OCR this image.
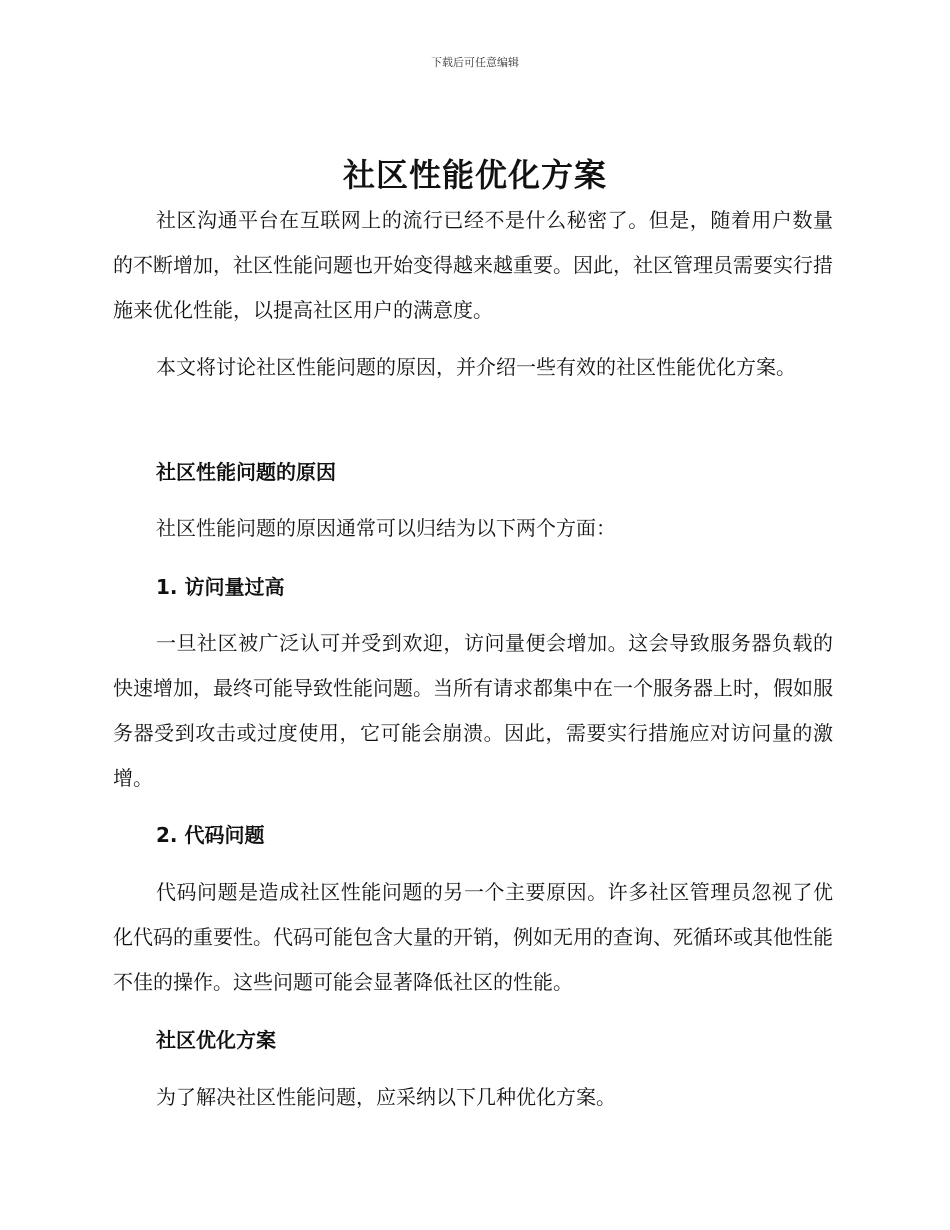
下载后可任意编辑
社区性能优化方案

社区沟通平台在互联网上的流行已经不是什么秘密了。但是，随着用户数量的不断增加，社区性能问题也开始变得越来越重要。因此，社区管理员需要实行措施来优化性能，以提高社区用户的满意度。

本文将讨论社区性能问题的原因，并介绍一些有效的社区性能优化方案。

社区性能问题的原因

社区性能问题的原因通常可以归结为以下两个方面：

1. 访问量过高

一旦社区被广泛认可并受到欢迎，访问量便会增加。这会导致服务器负载的快速增加，最终可能导致性能问题。当所有请求都集中在一个服务器上时，假如服务器受到攻击或过度使用，它可能会崩溃。因此，需要实行措施应对访问量的激增。

2. 代码问题

代码问题是造成社区性能问题的另一个主要原因。许多社区管理员忽视了优化代码的重要性。代码可能包含大量的开销，例如无用的查询、死循环或其他性能不佳的操作。这些问题可能会显著降低社区的性能。

社区优化方案

为了解决社区性能问题，应采纳以下几种优化方案。
